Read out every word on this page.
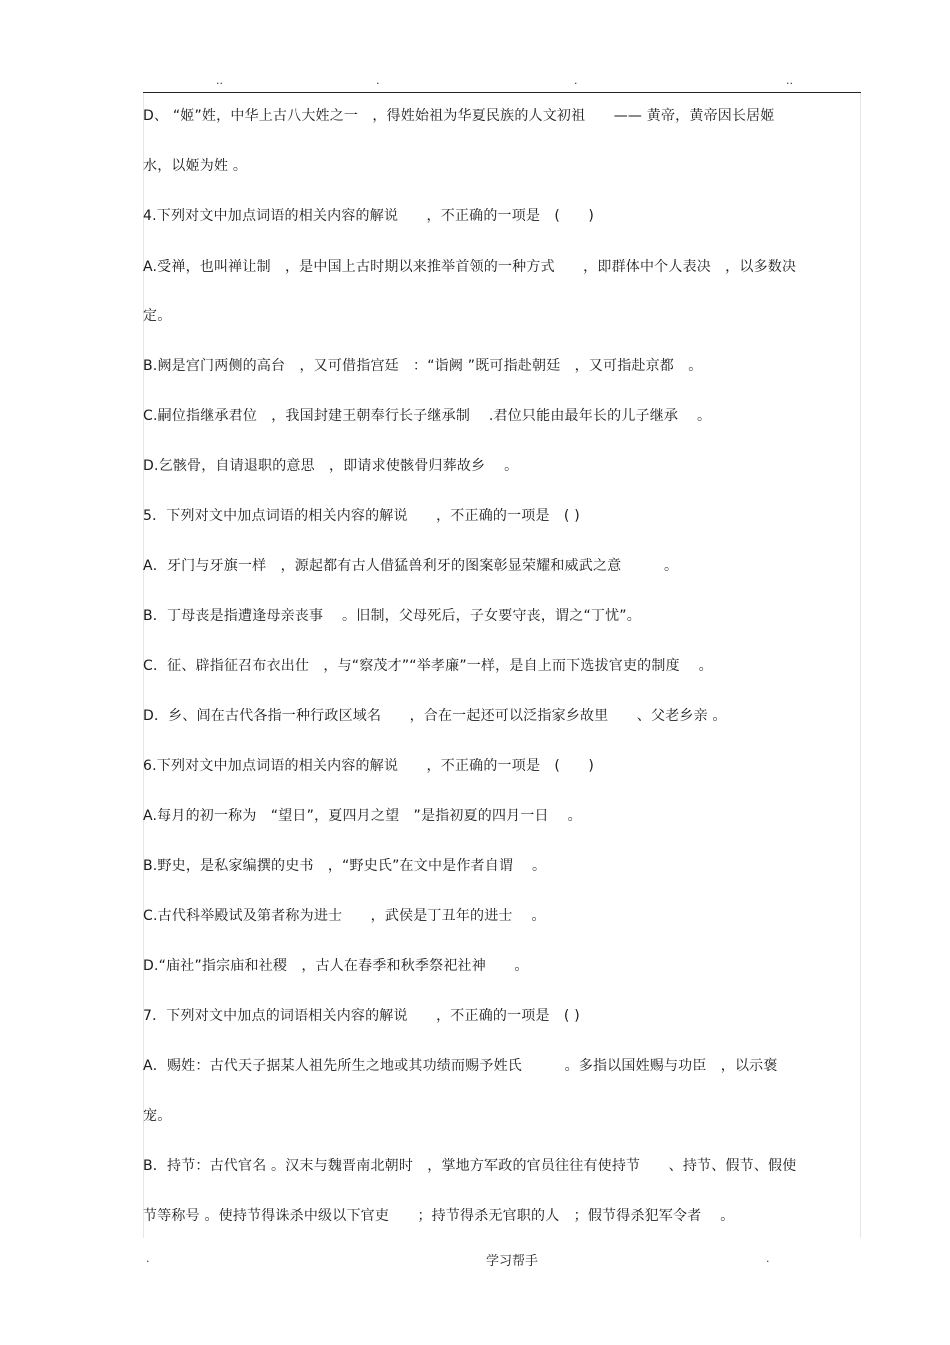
..	.	.	..
D、 “姬”姓，中华上古八大姓之一　，得姓始祖为华夏民族的人文初祖　　—— 黄帝，黄帝因长居姬
水，以姬为姓 。
4.下列对文中加点词语的相关内容的解说　　，不正确的一项是　(　　)
A.受禅，也叫禅让制　，是中国上古时期以来推举首领的一种方式　　，即群体中个人表决　，以多数决
定。
B.阙是宫门两侧的高台　，又可借指宫廷　：“诣阙 ”既可指赴朝廷　，又可指赴京都　。
C.嗣位指继承君位　，我国封建王朝奉行长子继承制　 .君位只能由最年长的儿子继承　 。
D.乞骸骨，自请退职的意思　，即请求使骸骨归葬故乡　 。
5．下列对文中加点词语的相关内容的解说　　，不正确的一项是　( )
A．牙门与牙旗一样　，源起都有古人借猛兽利牙的图案彰显荣耀和威武之意　　　。
B．丁母丧是指遭逢母亲丧事　 。旧制，父母死后，子女要守丧，谓之“丁忧”。
C．征、辟指征召布衣出仕　，与“察茂才”“举孝廉”一样，是自上而下选拔官吏的制度　 。
D．乡、闾在古代各指一种行政区域名　　，合在一起还可以泛指家乡故里　　、父老乡亲 。
6.下列对文中加点词语的相关内容的解说　　，不正确的一项是　(　　)
A.每月的初一称为　“望日”，夏四月之望　”是指初夏的四月一日　 。
B.野史，是私家编撰的史书　，“野史氏”在文中是作者自谓　 。
C.古代科举殿试及第者称为进士　　，武侯是丁丑年的进士　 。
D.“庙社”指宗庙和社稷　，古人在春季和秋季祭祀社神　　。
7．下列对文中加点的词语相关内容的解说　　，不正确的一项是　( )
A．赐姓：古代天子据某人祖先所生之地或其功绩而赐予姓氏　　　。多指以国姓赐与功臣　，以示褒
宠。
B．持节：古代官名 。汉末与魏晋南北朝时　，掌地方军政的官员往往有使持节　　、持节、假节、假使
节等称号 。使持节得诛杀中级以下官吏　　；持节得杀无官职的人　；假节得杀犯军令者　 。
.	学习帮手	.
